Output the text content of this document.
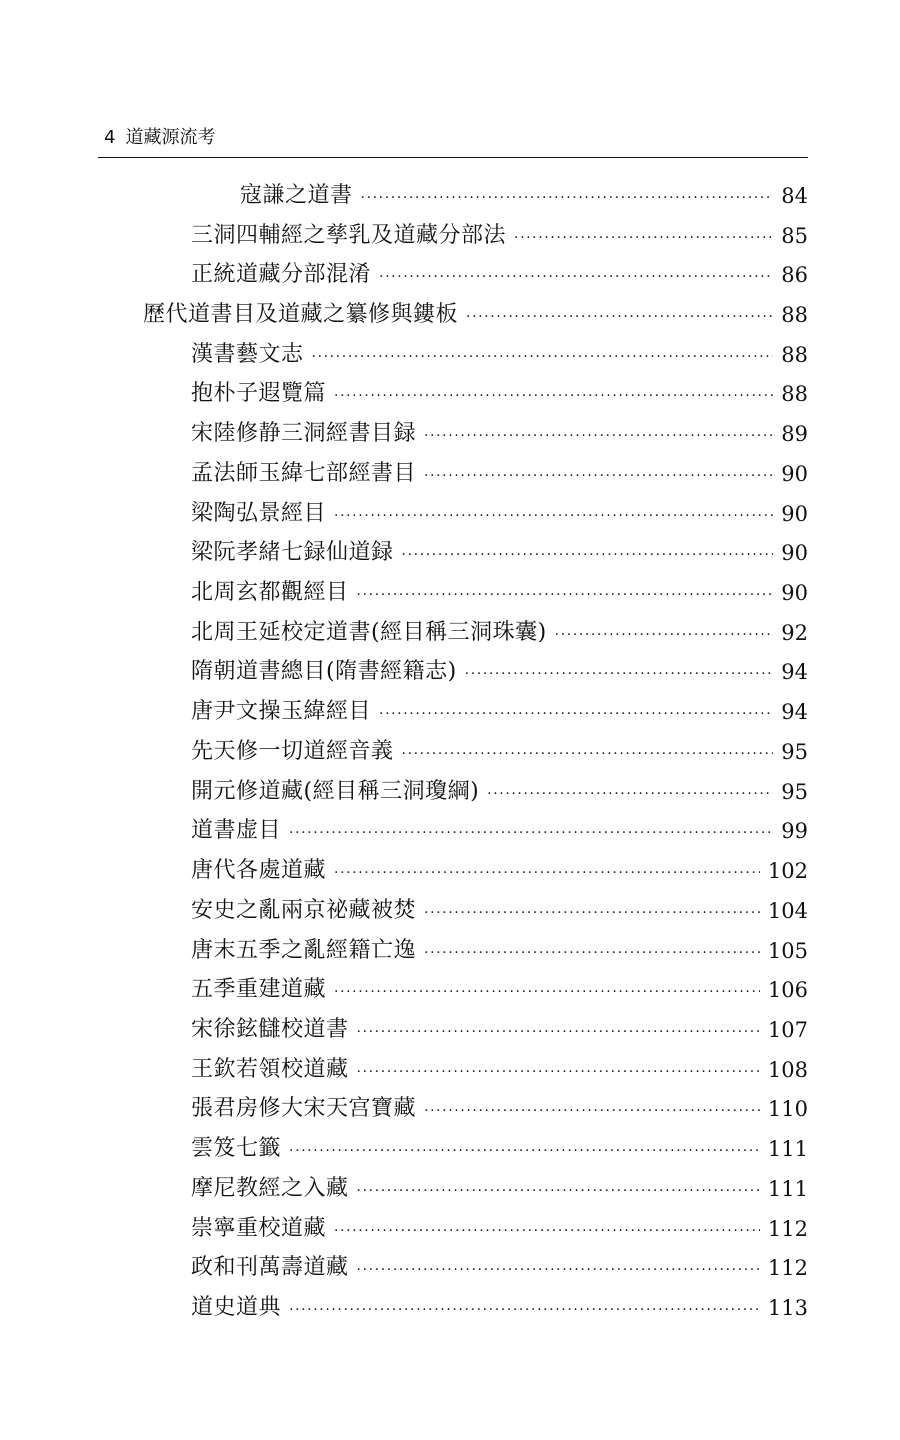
4 道藏源流考
寇謙之道書 ·····	84
三洞四輔經之孳乳及道藏分部法 ·····	85
正統道藏分部混淆 ·····	86
歷代道書目及道藏之纂修與鏤板 ·····	88
漢書藝文志 ·····	88
抱朴子遐覽篇 ·····	88
宋陸修静三洞經書目録 ·····	89
孟法師玉緯七部經書目 ·····	90
梁陶弘景經目 ·····	90
梁阮孝緒七録仙道録 ·····	90
北周玄都觀經目 ·····	90
北周王延校定道書(經目稱三洞珠囊) ·····	92
隋朝道書總目(隋書經籍志) ·····	94
唐尹文操玉緯經目 ·····	94
先天修一切道經音義 ·····	95
開元修道藏(經目稱三洞瓊綱) ·····	95
道書虚目 ·····	99
唐代各處道藏 ·····	102
安史之亂兩京祕藏被焚 ·····	104
唐末五季之亂經籍亡逸 ·····	105
五季重建道藏 ·····	106
宋徐鉉讎校道書 ·····	107
王欽若領校道藏 ·····	108
張君房修大宋天宫寶藏 ·····	110
雲笈七籤 ·····	111
摩尼教經之入藏 ·····	111
崇寧重校道藏 ·····	112
政和刊萬壽道藏 ·····	112
道史道典 ·····	113
